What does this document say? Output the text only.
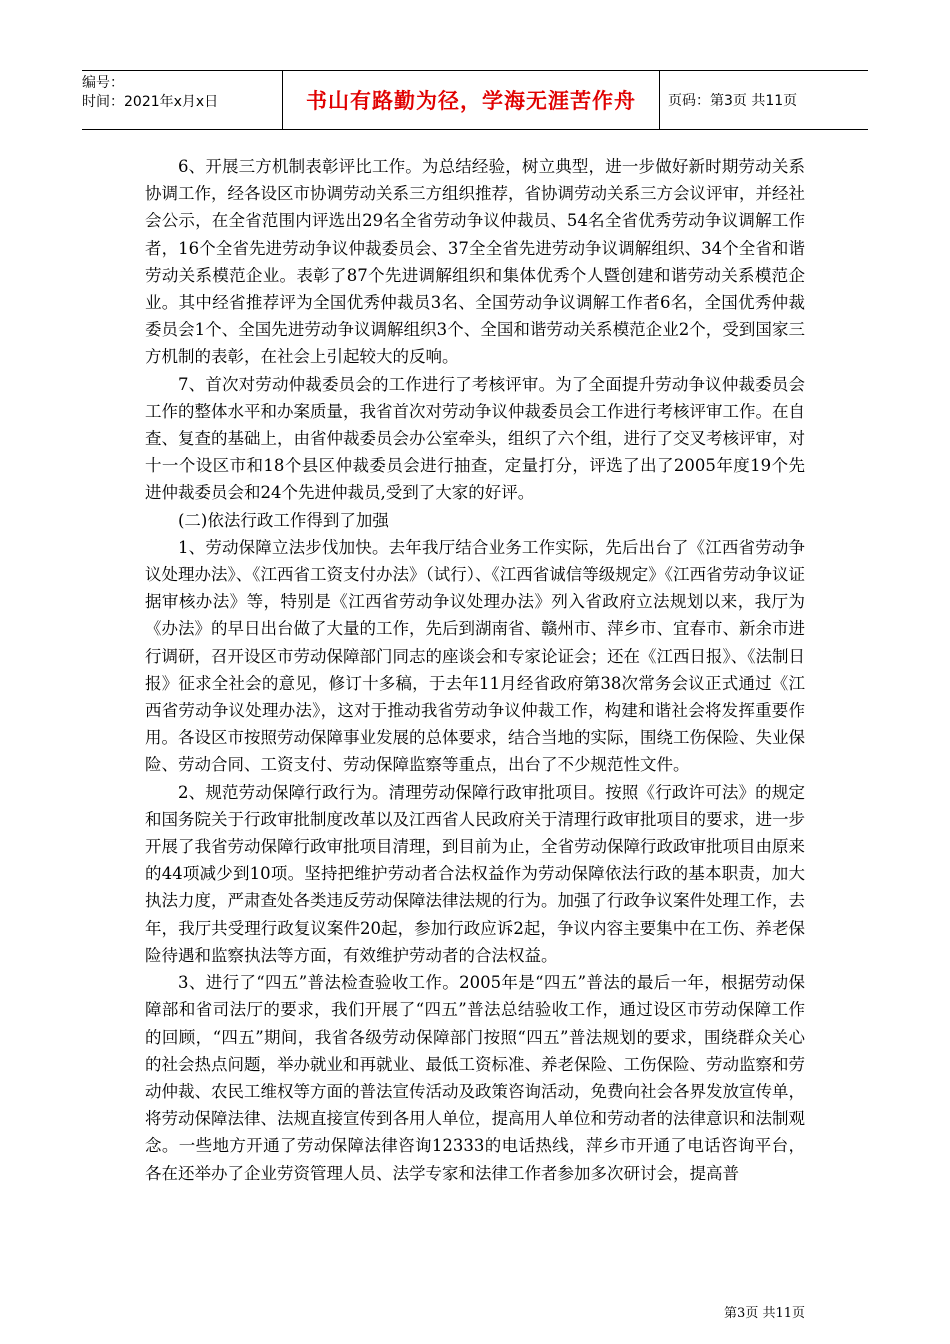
编号：
时间：2021年x月x日	书山有路勤为径，学海无涯苦作舟	页码：第3页 共11页

6、开展三方机制表彰评比工作。为总结经验，树立典型，进一步做好新时期劳动关系协调工作，经各设区市协调劳动关系三方组织推荐，省协调劳动关系三方会议评审，并经社会公示，在全省范围内评选出29名全省劳动争议仲裁员、54名全省优秀劳动争议调解工作者，16个全省先进劳动争议仲裁委员会、37全全省先进劳动争议调解组织、34个全省和谐劳动关系模范企业。表彰了87个先进调解组织和集体优秀个人暨创建和谐劳动关系模范企业。其中经省推荐评为全国优秀仲裁员3名、全国劳动争议调解工作者6名，全国优秀仲裁委员会1个、全国先进劳动争议调解组织3个、全国和谐劳动关系模范企业2个，受到国家三方机制的表彰，在社会上引起较大的反响。

7、首次对劳动仲裁委员会的工作进行了考核评审。为了全面提升劳动争议仲裁委员会工作的整体水平和办案质量，我省首次对劳动争议仲裁委员会工作进行考核评审工作。在自查、复查的基础上，由省仲裁委员会办公室牵头，组织了六个组，进行了交叉考核评审，对十一个设区市和18个县区仲裁委员会进行抽查，定量打分，评选了出了2005年度19个先进仲裁委员会和24个先进仲裁员,受到了大家的好评。

(二)依法行政工作得到了加强

1、劳动保障立法步伐加快。去年我厅结合业务工作实际，先后出台了《江西省劳动争议处理办法》、《江西省工资支付办法》（试行）、《江西省诚信等级规定》《江西省劳动争议证据审核办法》等，特别是《江西省劳动争议处理办法》列入省政府立法规划以来，我厅为《办法》的早日出台做了大量的工作，先后到湖南省、赣州市、萍乡市、宜春市、新余市进行调研，召开设区市劳动保障部门同志的座谈会和专家论证会；还在《江西日报》、《法制日报》征求全社会的意见，修订十多稿，于去年11月经省政府第38次常务会议正式通过《江西省劳动争议处理办法》，这对于推动我省劳动争议仲裁工作，构建和谐社会将发挥重要作用。各设区市按照劳动保障事业发展的总体要求，结合当地的实际，围绕工伤保险、失业保险、劳动合同、工资支付、劳动保障监察等重点，出台了不少规范性文件。

2、规范劳动保障行政行为。清理劳动保障行政审批项目。按照《行政许可法》的规定和国务院关于行政审批制度改革以及江西省人民政府关于清理行政审批项目的要求，进一步开展了我省劳动保障行政审批项目清理，到目前为止，全省劳动保障行政政审批项目由原来的44项减少到10项。坚持把维护劳动者合法权益作为劳动保障依法行政的基本职责，加大执法力度，严肃查处各类违反劳动保障法律法规的行为。加强了行政争议案件处理工作，去年，我厅共受理行政复议案件20起，参加行政应诉2起，争议内容主要集中在工伤、养老保险待遇和监察执法等方面，有效维护劳动者的合法权益。

3、进行了“四五”普法检查验收工作。2005年是“四五”普法的最后一年，根据劳动保障部和省司法厅的要求，我们开展了“四五”普法总结验收工作，通过设区市劳动保障工作的回顾，“四五”期间，我省各级劳动保障部门按照“四五”普法规划的要求，围绕群众关心的社会热点问题，举办就业和再就业、最低工资标准、养老保险、工伤保险、劳动监察和劳动仲裁、农民工维权等方面的普法宣传活动及政策咨询活动，免费向社会各界发放宣传单，将劳动保障法律、法规直接宣传到各用人单位，提高用人单位和劳动者的法律意识和法制观念。一些地方开通了劳动保障法律咨询12333的电话热线，萍乡市开通了电话咨询平台，各在还举办了企业劳资管理人员、法学专家和法律工作者参加多次研讨会，提高普

第3页 共11页
